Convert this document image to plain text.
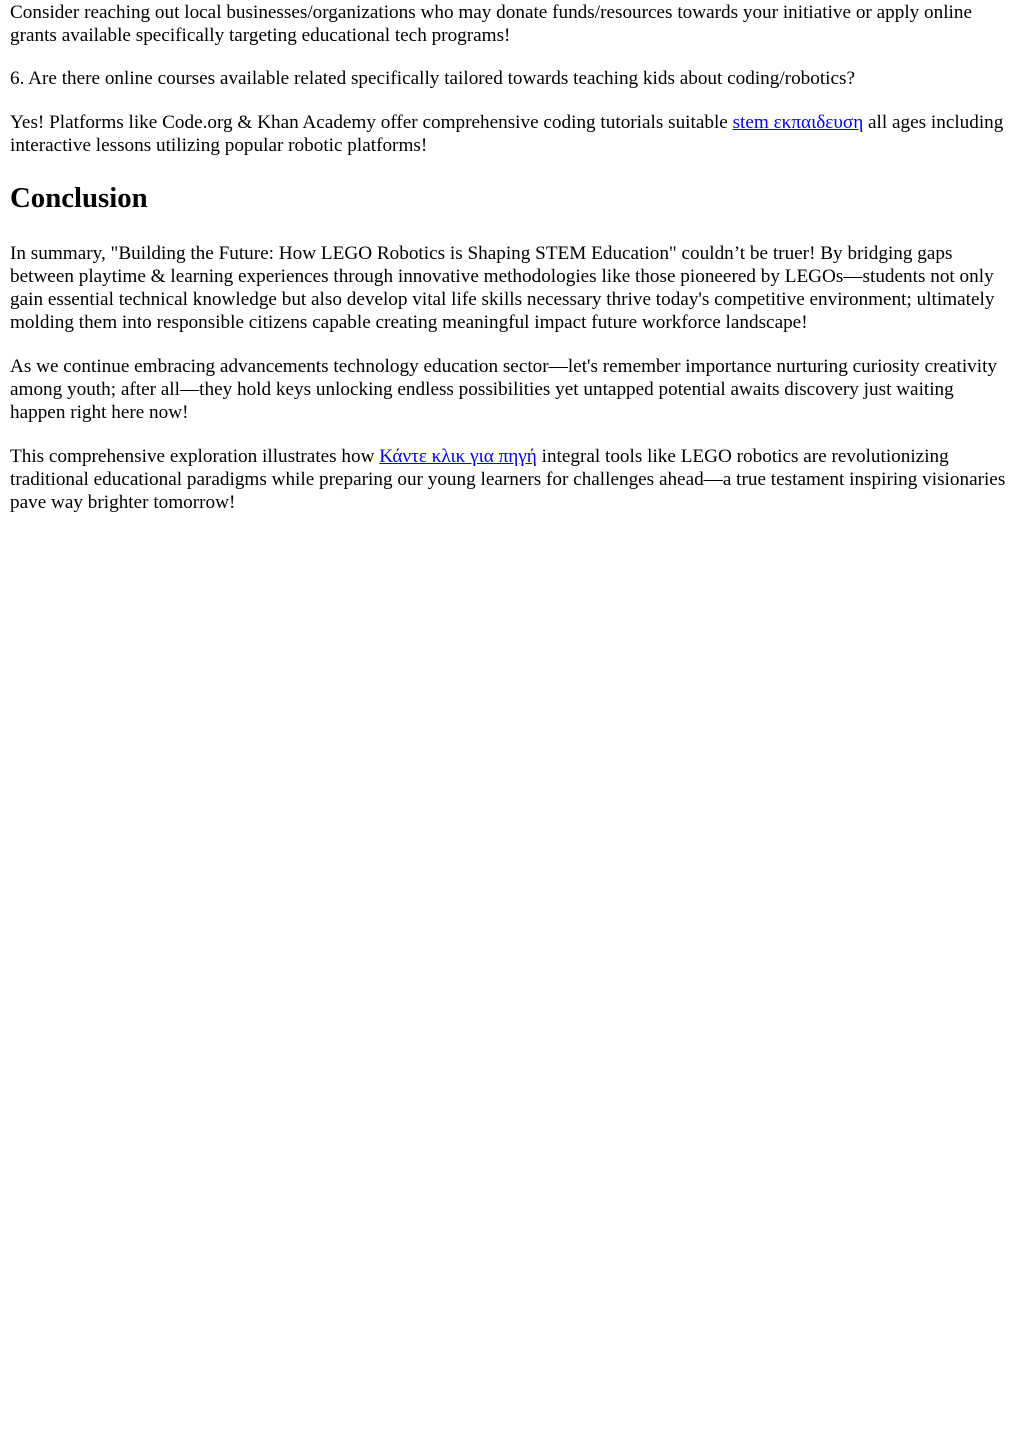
Consider reaching out local businesses/organizations who may donate funds/resources towards your initiative or apply online grants available specifically targeting educational tech programs!

6. Are there online courses available related specifically tailored towards teaching kids about coding/robotics?

Yes! Platforms like Code.org & Khan Academy offer comprehensive coding tutorials suitable stem εκπαιδευση all ages including interactive lessons utilizing popular robotic platforms!

Conclusion

In summary, "Building the Future: How LEGO Robotics is Shaping STEM Education" couldn’t be truer! By bridging gaps between playtime & learning experiences through innovative methodologies like those pioneered by LEGOs—students not only gain essential technical knowledge but also develop vital life skills necessary thrive today's competitive environment; ultimately molding them into responsible citizens capable creating meaningful impact future workforce landscape!

As we continue embracing advancements technology education sector—let's remember importance nurturing curiosity creativity among youth; after all—they hold keys unlocking endless possibilities yet untapped potential awaits discovery just waiting happen right here now!

This comprehensive exploration illustrates how Κάντε κλικ για πηγή integral tools like LEGO robotics are revolutionizing traditional educational paradigms while preparing our young learners for challenges ahead—a true testament inspiring visionaries pave way brighter tomorrow!
